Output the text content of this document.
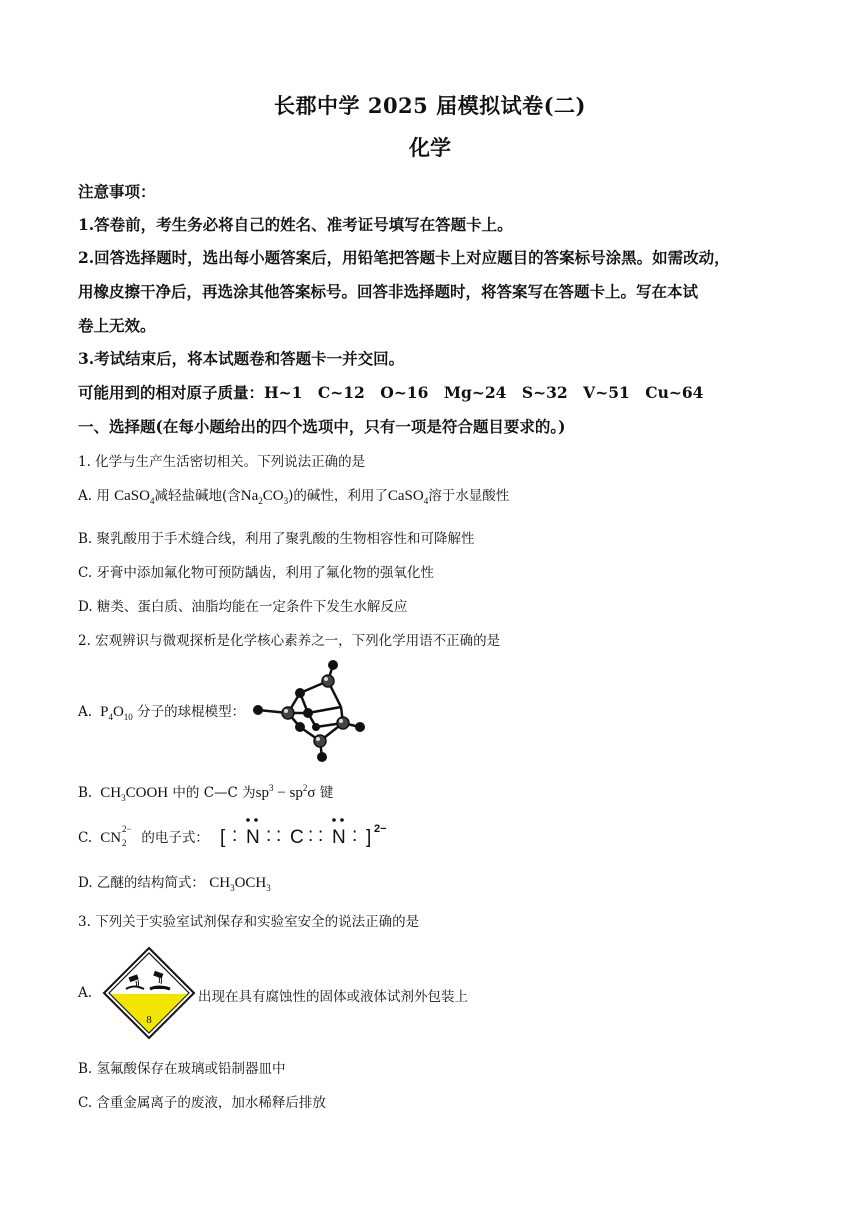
长郡中学 2025 届模拟试卷(二)
化学
注意事项：
1.答卷前，考生务必将自己的姓名、准考证号填写在答题卡上。
2.回答选择题时，选出每小题答案后，用铅笔把答题卡上对应题目的答案标号涂黑。如需改动，
用橡皮擦干净后，再选涂其他答案标号。回答非选择题时，将答案写在答题卡上。写在本试
卷上无效。
3.考试结束后，将本试题卷和答题卡一并交回。
可能用到的相对原子质量：H~1　C~12　O~16　Mg~24　S~32　V~51　Cu~64
一、选择题(在每小题给出的四个选项中，只有一项是符合题目要求的。)
1. 化学与生产生活密切相关。下列说法正确的是
A. 用 CaSO$_4$减轻盐碱地(含$Na_2CO_3$)的碱性，利用了CaSO$_4$溶于水显酸性
B. 聚乳酸用于手术缝合线，利用了聚乳酸的生物相容性和可降解性
C. 牙膏中添加氟化物可预防龋齿，利用了氟化物的强氧化性
D. 糖类、蛋白质、油脂均能在一定条件下发生水解反应
2. 宏观辨识与微观探析是化学核心素养之一，下列化学用语不正确的是
A.  $P_4O_{10}$ 分子的球棍模型：
B.  $CH_3COOH$ 中的 C—C 为$sp^3 - sp^2\sigma$ 键
C.  CN
2−
2 的电子式： [ : N : : C : : N : ] 2−
D. 乙醚的结构简式： $CH_3OCH_3$
3. 下列关于实验室试剂保存和实验室安全的说法正确的是
A.
8
出现在具有腐蚀性的固体或液体试剂外包装上
B. 氢氟酸保存在玻璃或铅制器皿中
C. 含重金属离子的废液，加水稀释后排放
